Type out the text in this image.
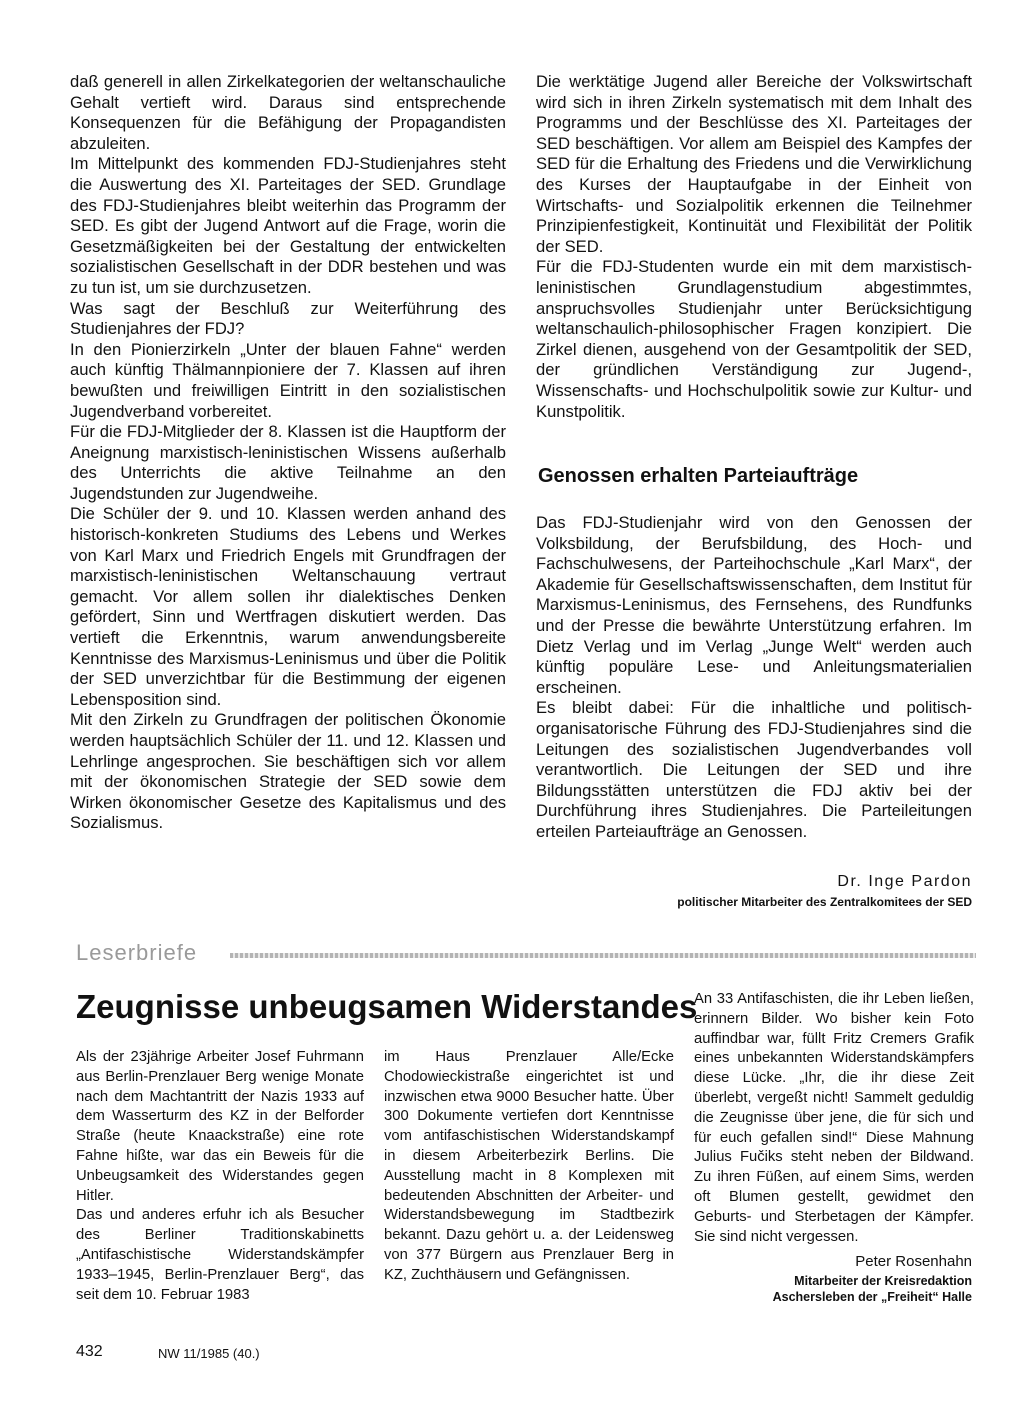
daß generell in allen Zirkelkategorien der weltanschauliche Gehalt vertieft wird. Daraus sind entsprechende Konsequenzen für die Befähigung der Propagandisten abzuleiten.

Im Mittelpunkt des kommenden FDJ-Studienjahres steht die Auswertung des XI. Parteitages der SED. Grundlage des FDJ-Studienjahres bleibt weiterhin das Programm der SED. Es gibt der Jugend Antwort auf die Frage, worin die Gesetzmäßigkeiten bei der Gestaltung der entwickelten sozialistischen Gesellschaft in der DDR bestehen und was zu tun ist, um sie durchzusetzen.

Was sagt der Beschluß zur Weiterführung des Studienjahres der FDJ?

In den Pionierzirkeln „Unter der blauen Fahne“ werden auch künftig Thälmannpioniere der 7. Klassen auf ihren bewußten und freiwilligen Eintritt in den sozialistischen Jugendverband vorbereitet.

Für die FDJ-Mitglieder der 8. Klassen ist die Hauptform der Aneignung marxistisch-leninistischen Wissens außerhalb des Unterrichts die aktive Teilnahme an den Jugendstunden zur Jugendweihe.

Die Schüler der 9. und 10. Klassen werden anhand des historisch-konkreten Studiums des Lebens und Werkes von Karl Marx und Friedrich Engels mit Grundfragen der marxistisch-leninistischen Weltanschauung vertraut gemacht. Vor allem sollen ihr dialektisches Denken gefördert, Sinn und Wertfragen diskutiert werden. Das vertieft die Erkenntnis, warum anwendungsbereite Kenntnisse des Marxismus-Leninismus und über die Politik der SED unverzichtbar für die Bestimmung der eigenen Lebensposition sind.

Mit den Zirkeln zu Grundfragen der politischen Ökonomie werden hauptsächlich Schüler der 11. und 12. Klassen und Lehrlinge angesprochen. Sie beschäftigen sich vor allem mit der ökonomischen Strategie der SED sowie dem Wirken ökonomischer Gesetze des Kapitalismus und des Sozialismus.

Die werktätige Jugend aller Bereiche der Volkswirtschaft wird sich in ihren Zirkeln systematisch mit dem Inhalt des Programms und der Beschlüsse des XI. Parteitages der SED beschäftigen. Vor allem am Beispiel des Kampfes der SED für die Erhaltung des Friedens und die Verwirklichung des Kurses der Hauptaufgabe in der Einheit von Wirtschafts- und Sozialpolitik erkennen die Teilnehmer Prinzipienfestigkeit, Kontinuität und Flexibilität der Politik der SED.

Für die FDJ-Studenten wurde ein mit dem marxistisch-leninistischen Grundlagenstudium abgestimmtes, anspruchsvolles Studienjahr unter Berücksichtigung weltanschaulich-philosophischer Fragen konzipiert. Die Zirkel dienen, ausgehend von der Gesamtpolitik der SED, der gründlichen Verständigung zur Jugend-, Wissenschafts- und Hochschulpolitik sowie zur Kultur- und Kunstpolitik.

Genossen erhalten Parteiaufträge

Das FDJ-Studienjahr wird von den Genossen der Volksbildung, der Berufsbildung, des Hoch- und Fachschulwesens, der Parteihochschule „Karl Marx“, der Akademie für Gesellschaftswissenschaften, dem Institut für Marxismus-Leninismus, des Fernsehens, des Rundfunks und der Presse die bewährte Unterstützung erfahren. Im Dietz Verlag und im Verlag „Junge Welt“ werden auch künftig populäre Lese- und Anleitungsmaterialien erscheinen.

Es bleibt dabei: Für die inhaltliche und politisch-organisatorische Führung des FDJ-Studienjahres sind die Leitungen des sozialistischen Jugendverbandes voll verantwortlich. Die Leitungen der SED und ihre Bildungsstätten unterstützen die FDJ aktiv bei der Durchführung ihres Studienjahres. Die Parteileitungen erteilen Parteiaufträge an Genossen.

Dr. Inge Pardon

politischer Mitarbeiter des Zentralkomitees der SED

Leserbriefe

Zeugnisse unbeugsamen Widerstandes

Als der 23jährige Arbeiter Josef Fuhrmann aus Berlin-Prenzlauer Berg wenige Monate nach dem Machtantritt der Nazis 1933 auf dem Wasserturm des KZ in der Belforder Straße (heute Knaackstraße) eine rote Fahne hißte, war das ein Beweis für die Unbeugsamkeit des Widerstandes gegen Hitler.

Das und anderes erfuhr ich als Besucher des Berliner Traditionskabinetts „Antifaschistische Widerstandskämpfer 1933–1945, Berlin-Prenzlauer Berg“, das seit dem 10. Februar 1983

im Haus Prenzlauer Alle/Ecke Chodowieckistraße eingerichtet ist und inzwischen etwa 9000 Besucher hatte. Über 300 Dokumente vertiefen dort Kenntnisse vom antifaschistischen Widerstandskampf in diesem Arbeiterbezirk Berlins. Die Ausstellung macht in 8 Komplexen mit bedeutenden Abschnitten der Arbeiter- und Widerstandsbewegung im Stadtbezirk bekannt. Dazu gehört u. a. der Leidensweg von 377 Bürgern aus Prenzlauer Berg in KZ, Zuchthäusern und Gefängnissen.

An 33 Antifaschisten, die ihr Leben ließen, erinnern Bilder. Wo bisher kein Foto auffindbar war, füllt Fritz Cremers Grafik eines unbekannten Widerstandskämpfers diese Lücke. „Ihr, die ihr diese Zeit überlebt, vergeßt nicht! Sammelt geduldig die Zeugnisse über jene, die für sich und für euch gefallen sind!“ Diese Mahnung Julius Fučiks steht neben der Bildwand. Zu ihren Füßen, auf einem Sims, werden oft Blumen gestellt, gewidmet den Geburts- und Sterbetagen der Kämpfer. Sie sind nicht vergessen.

Peter Rosenhahn

Mitarbeiter der Kreisredaktion
Aschersleben der „Freiheit“ Halle

432	NW 11/1985 (40.)
